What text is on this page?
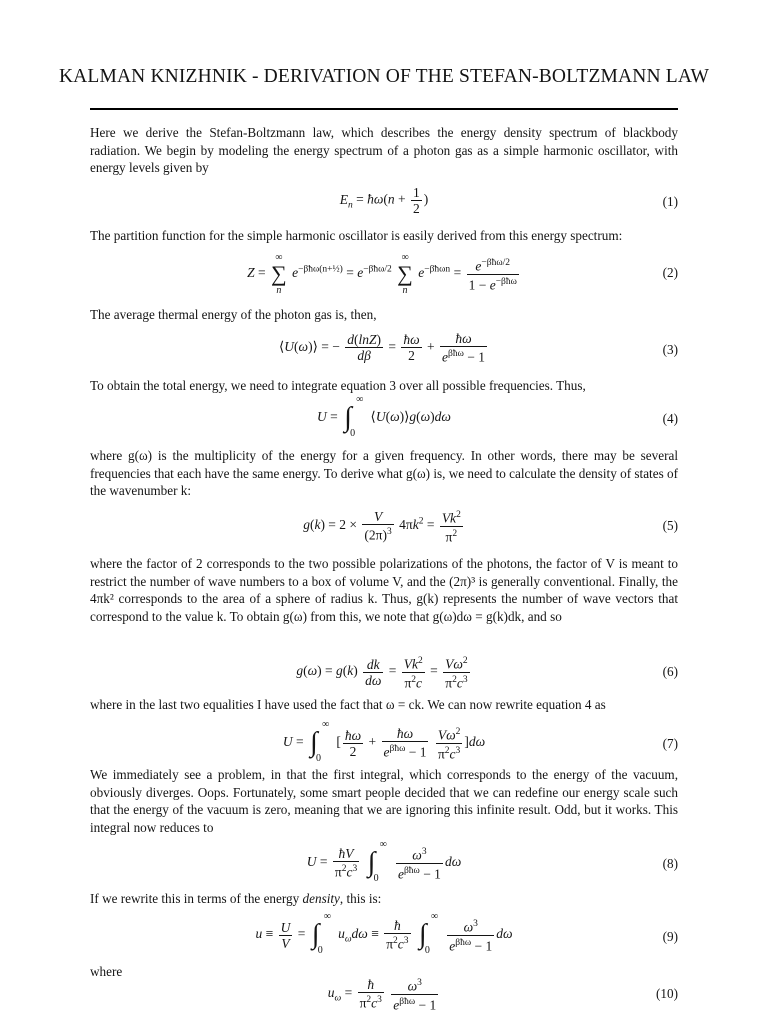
KALMAN KNIZHNIK - DERIVATION OF THE STEFAN-BOLTZMANN LAW
Here we derive the Stefan-Boltzmann law, which describes the energy density spectrum of blackbody radiation. We begin by modeling the energy spectrum of a photon gas as a simple harmonic oscillator, with energy levels given by
$E_n$ = ħω(n + $\frac{1}{2}$ )	(1)
The partition function for the simple harmonic oscillator is easily derived from this energy spectrum:
Z =
∞
∑
n
$e^{-\beta ħ\omega(n+\frac{1}{2})} = e^{-\beta ħ\omega/2}$
∞
∑
n
$e^{-\beta ħ\omega n} = \frac{e^{-\beta ħ\omega/2}}{1 - e^{-\beta ħ\omega}}$	(2)
The average thermal energy of the photon gas is, then,
⟨U(ω)⟩ = − $\frac{d(\ln Z)}{d\beta} = \frac{ħ\omega}{2} + \frac{ħ\omega}{e^{\beta ħ\omega} - 1}$	(3)
To obtain the total energy, we need to integrate equation 3 over all possible frequencies. Thus,
U = ∫
∞
0
⟨U(ω)⟩g(ω)dω	(4)
where g(ω) is the multiplicity of the energy for a given frequency. In other words, there may be several frequencies that each have the same energy. To derive what g(ω) is, we need to calculate the density of states of the wavenumber k:
$g(k) = 2 \times \frac{V}{(2\pi)^3} 4\pi k^2 = \frac{Vk^2}{\pi^2}$	(5)
where the factor of 2 corresponds to the two possible polarizations of the photons, the factor of V is meant to restrict the number of wave numbers to a box of volume V, and the (2π)³ is generally conventional. Finally, the 4πk² corresponds to the area of a sphere of radius k. Thus, g(k) represents the number of wave vectors that correspond to the value k. To obtain g(ω) from this, we note that g(ω)dω = g(k)dk, and so
$g(\omega) = g(k) \frac{dk}{d\omega} = \frac{Vk^2}{\pi^2c} = \frac{V\omega^2}{\pi^2c^3}$	(6)
where in the last two equalities I have used the fact that ω = ck. We can now rewrite equation 4 as
U = ∫
∞
0
[ $\frac{ħ\omega}{2} + \frac{ħ\omega}{e^{\beta ħ\omega} - 1}$
$\frac{V\omega^2}{\pi^2c^3} ]d\omega$	(7)
We immediately see a problem, in that the first integral, which corresponds to the energy of the vacuum, obviously diverges. Oops. Fortunately, some smart people decided that we can redefine our energy scale such that the energy of the vacuum is zero, meaning that we are ignoring this infinite result. Odd, but it works. This integral now reduces to
$U = \frac{ħV}{\pi^2c^3}$
∫
∞
0
$\frac{\omega^3}{e^{\beta ħ\omega} - 1}$ dω	(8)
If we rewrite this in terms of the energy density, this is:
$u \equiv \frac{U}{V}$ = ∫
∞
0
$u_\omega d\omega \equiv \frac{ħ}{\pi^2c^3}$
∫
∞
0
$\frac{\omega^3}{e^{\beta ħ\omega} - 1}$ dω	(9)
where
$u_\omega = \frac{ħ}{\pi^2c^3}$
$\frac{\omega^3}{e^{\beta ħ\omega} - 1}$	(10)
